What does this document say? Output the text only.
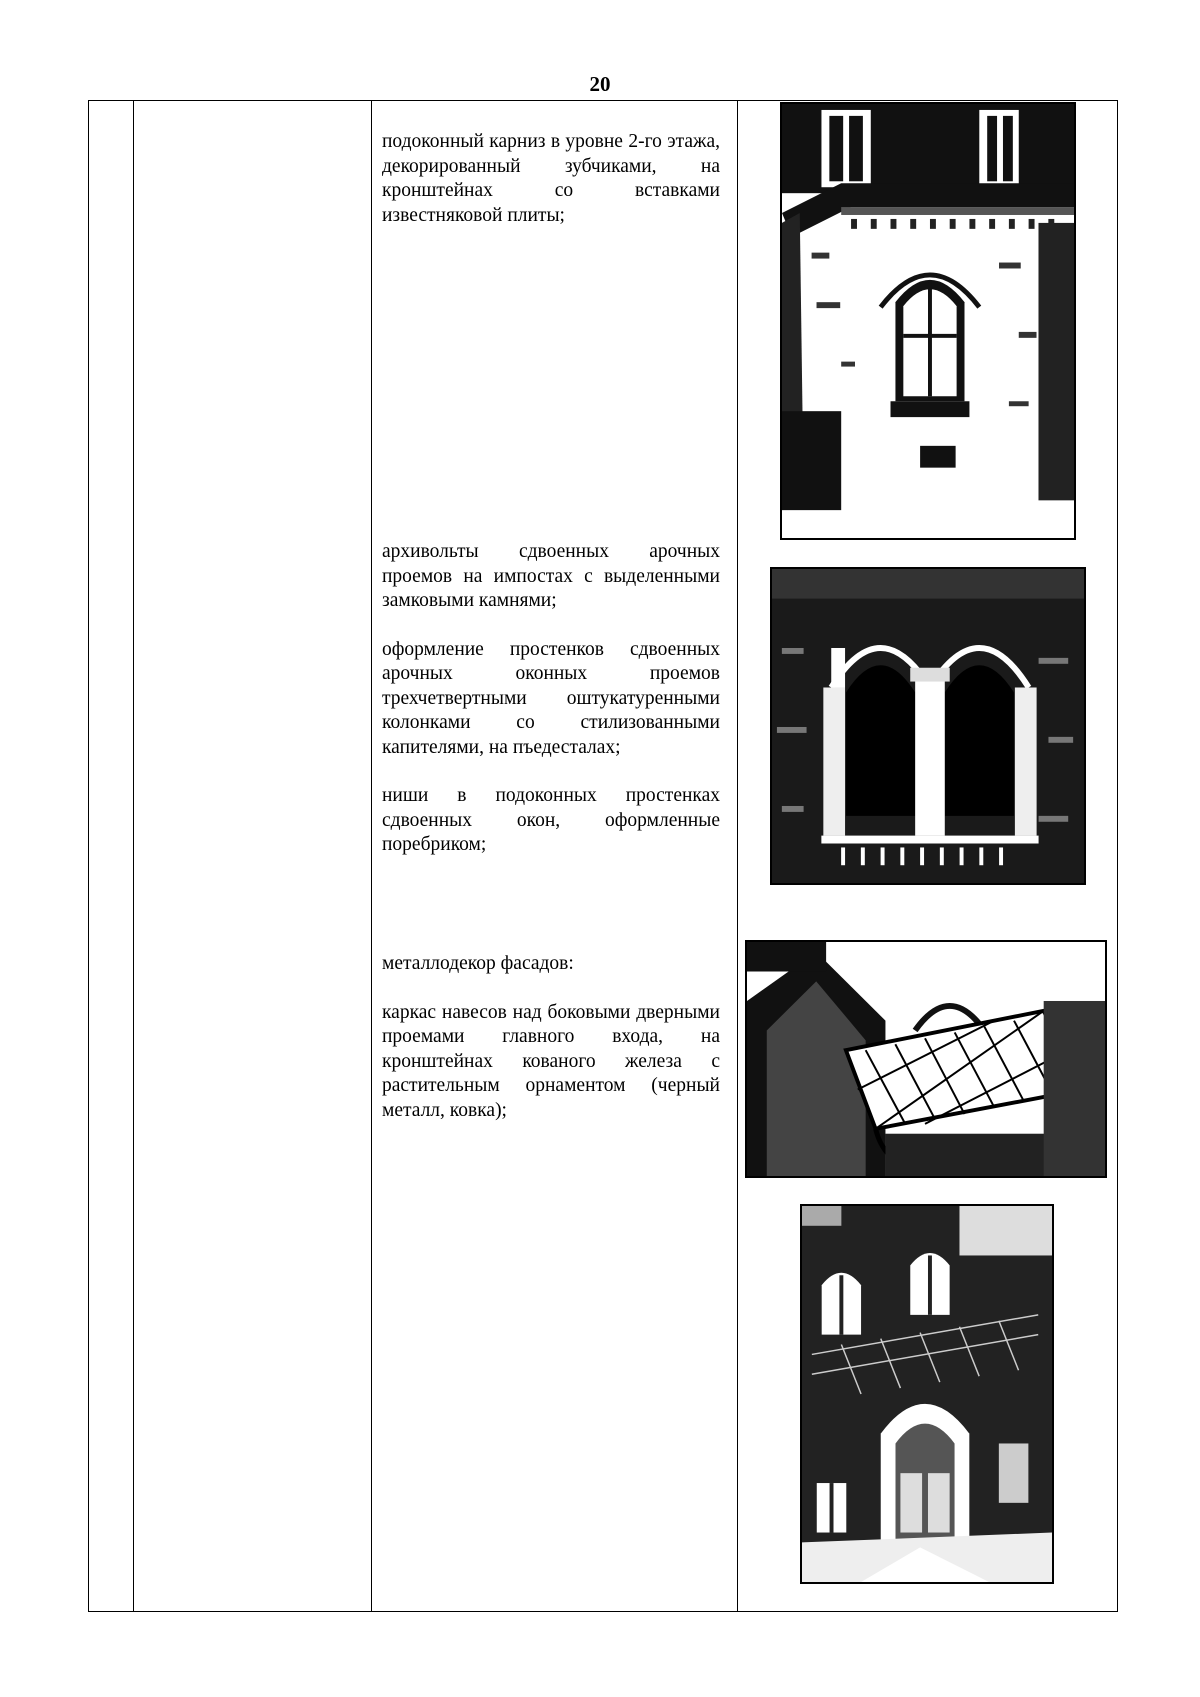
20

подоконный карниз в уровне 2-го этажа, декорированный зубчиками, на кронштейнах со вставками известняковой плиты;

архивольты сдвоенных арочных проемов на импостах с выделенными замковыми камнями;

оформление простенков сдвоенных арочных оконных проемов трехчетвертными оштукатуренными колонками со стилизованными капителями, на пъедесталах;

ниши в подоконных простенках сдвоенных окон, оформленные поребриком;

металлодекор фасадов:

каркас навесов над боковыми дверными проемами главного входа, на кронштейнах кованого железа с растительным орнаментом (черный металл, ковка);
